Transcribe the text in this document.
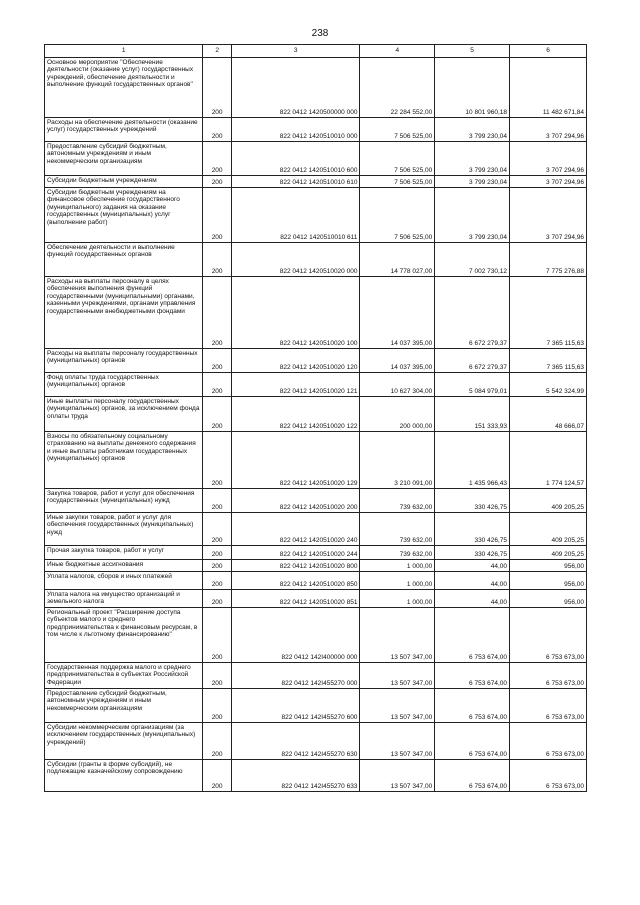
238
1	2	3	4	5	6
Основное мероприятие "Обеспечение деятельности (оказание услуг) государственных учреждений, обеспечение деятельности и выполнение функций государственных органов"	200	822 0412 1420500000 000	22 284 552,00	10 801 960,18	11 482 671,84
Расходы на обеспечение деятельности (оказание услуг) государственных учреждений	200	822 0412 1420510010 000	7 506 525,00	3 799 230,04	3 707 294,96
Предоставление субсидий бюджетным, автономным учреждениям и иным некоммерческим организациям	200	822 0412 1420510010 600	7 506 525,00	3 799 230,04	3 707 294,96
Субсидии бюджетным учреждениям	200	822 0412 1420510010 610	7 506 525,00	3 799 230,04	3 707 294,96
Субсидии бюджетным учреждениям на финансовое обеспечение государственного (муниципального) задания на оказание государственных (муниципальных) услуг (выполнение работ)	200	822 0412 1420510010 611	7 506 525,00	3 799 230,04	3 707 294,96
Обеспечение деятельности и выполнение функций государственных органов	200	822 0412 1420510020 000	14 778 027,00	7 002 730,12	7 775 276,88
Расходы на выплаты персоналу в целях обеспечения выполнения функций государственными (муниципальными) органами, казенными учреждениями, органами управления государственными внебюджетными фондами	200	822 0412 1420510020 100	14 037 395,00	6 672 279,37	7 365 115,63
Расходы на выплаты персоналу государственных (муниципальных) органов	200	822 0412 1420510020 120	14 037 395,00	6 672 279,37	7 365 115,63
Фонд оплаты труда государственных (муниципальных) органов	200	822 0412 1420510020 121	10 627 304,00	5 084 979,01	5 542 324,99
Иные выплаты персоналу государственных (муниципальных) органов, за исключением фонда оплаты труда	200	822 0412 1420510020 122	200 000,00	151 333,93	48 666,07
Взносы по обязательному социальному страхованию на выплаты денежного содержания и иные выплаты работникам государственных (муниципальных) органов	200	822 0412 1420510020 129	3 210 091,00	1 435 966,43	1 774 124,57
Закупка товаров, работ и услуг для обеспечения государственных (муниципальных) нужд	200	822 0412 1420510020 200	739 632,00	330 426,75	409 205,25
Иные закупки товаров, работ и услуг для обеспечения государственных (муниципальных) нужд	200	822 0412 1420510020 240	739 632,00	330 426,75	409 205,25
Прочая закупка товаров, работ и услуг	200	822 0412 1420510020 244	739 632,00	330 426,75	409 205,25
Иные бюджетные ассигнования	200	822 0412 1420510020 800	1 000,00	44,00	956,00
Уплата налогов, сборов и иных платежей	200	822 0412 1420510020 850	1 000,00	44,00	956,00
Уплата налога на имущество организаций и земельного налога	200	822 0412 1420510020 851	1 000,00	44,00	956,00
Региональный проект "Расширение доступа субъектов малого и среднего предпринимательства к финансовым ресурсам, в том числе к льготному финансированию"	200	822 0412 142I400000 000	13 507 347,00	6 753 674,00	6 753 673,00
Государственная поддержка малого и среднего предпринимательства в субъектах Российской Федерации	200	822 0412 142I455270 000	13 507 347,00	6 753 674,00	6 753 673,00
Предоставление субсидий бюджетным, автономным учреждениям и иным некоммерческим организациям	200	822 0412 142I455270 600	13 507 347,00	6 753 674,00	6 753 673,00
Субсидии некоммерческим организациям (за исключением государственных (муниципальных) учреждений)	200	822 0412 142I455270 630	13 507 347,00	6 753 674,00	6 753 673,00
Субсидии (гранты в форме субсидий), не подлежащие казначейскому сопровождению	200	822 0412 142I455270 633	13 507 347,00	6 753 674,00	6 753 673,00
